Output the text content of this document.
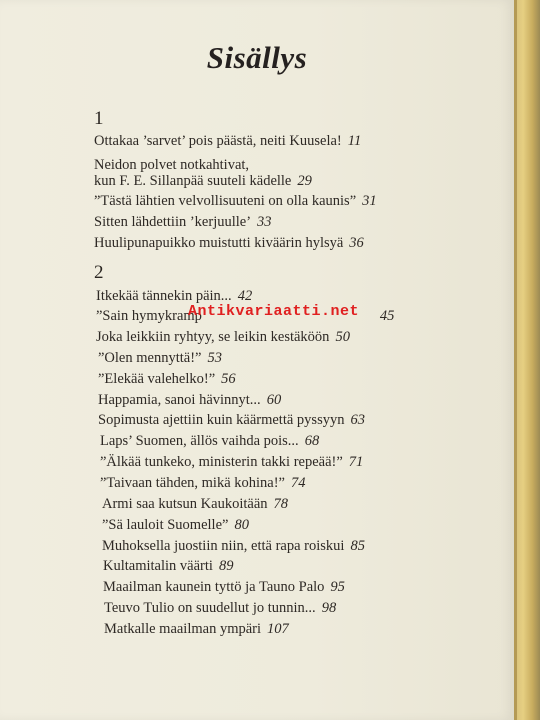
Sisällys
1
Ottakaa ’sarvet’ pois päästä, neiti Kuusela! 11
Neidon polvet notkahtivat,
kun F. E. Sillanpää suuteli kädelle 29
”Tästä lähtien velvollisuuteni on olla kaunis” 31
Sitten lähdettiin ’kerjuulle’ 33
Huulipunapuikko muistutti kiväärin hylsyä 36
2
Itkekää tännekin päin... 42
”Sain hymykramp	45
Joka leikkiin ryhtyy, se leikin kestäköön 50
”Olen mennyttä!” 53
”Elekää valehelko!” 56
Happamia, sanoi hävinnyt... 60
Sopimusta ajettiin kuin käärmettä pyssyyn 63
Laps’ Suomen, ällös vaihda pois... 68
”Älkää tunkeko, ministerin takki repeää!” 71
”Taivaan tähden, mikä kohina!” 74
Armi saa kutsun Kaukoitään 78
”Sä lauloit Suomelle” 80
Muhoksella juostiin niin, että rapa roiskui 85
Kultamitalin väärti 89
Maailman kaunein tyttö ja Tauno Palo 95
Teuvo Tulio on suudellut jo tunnin... 98
Matkalle maailman ympäri 107
Antikvariaatti.net
